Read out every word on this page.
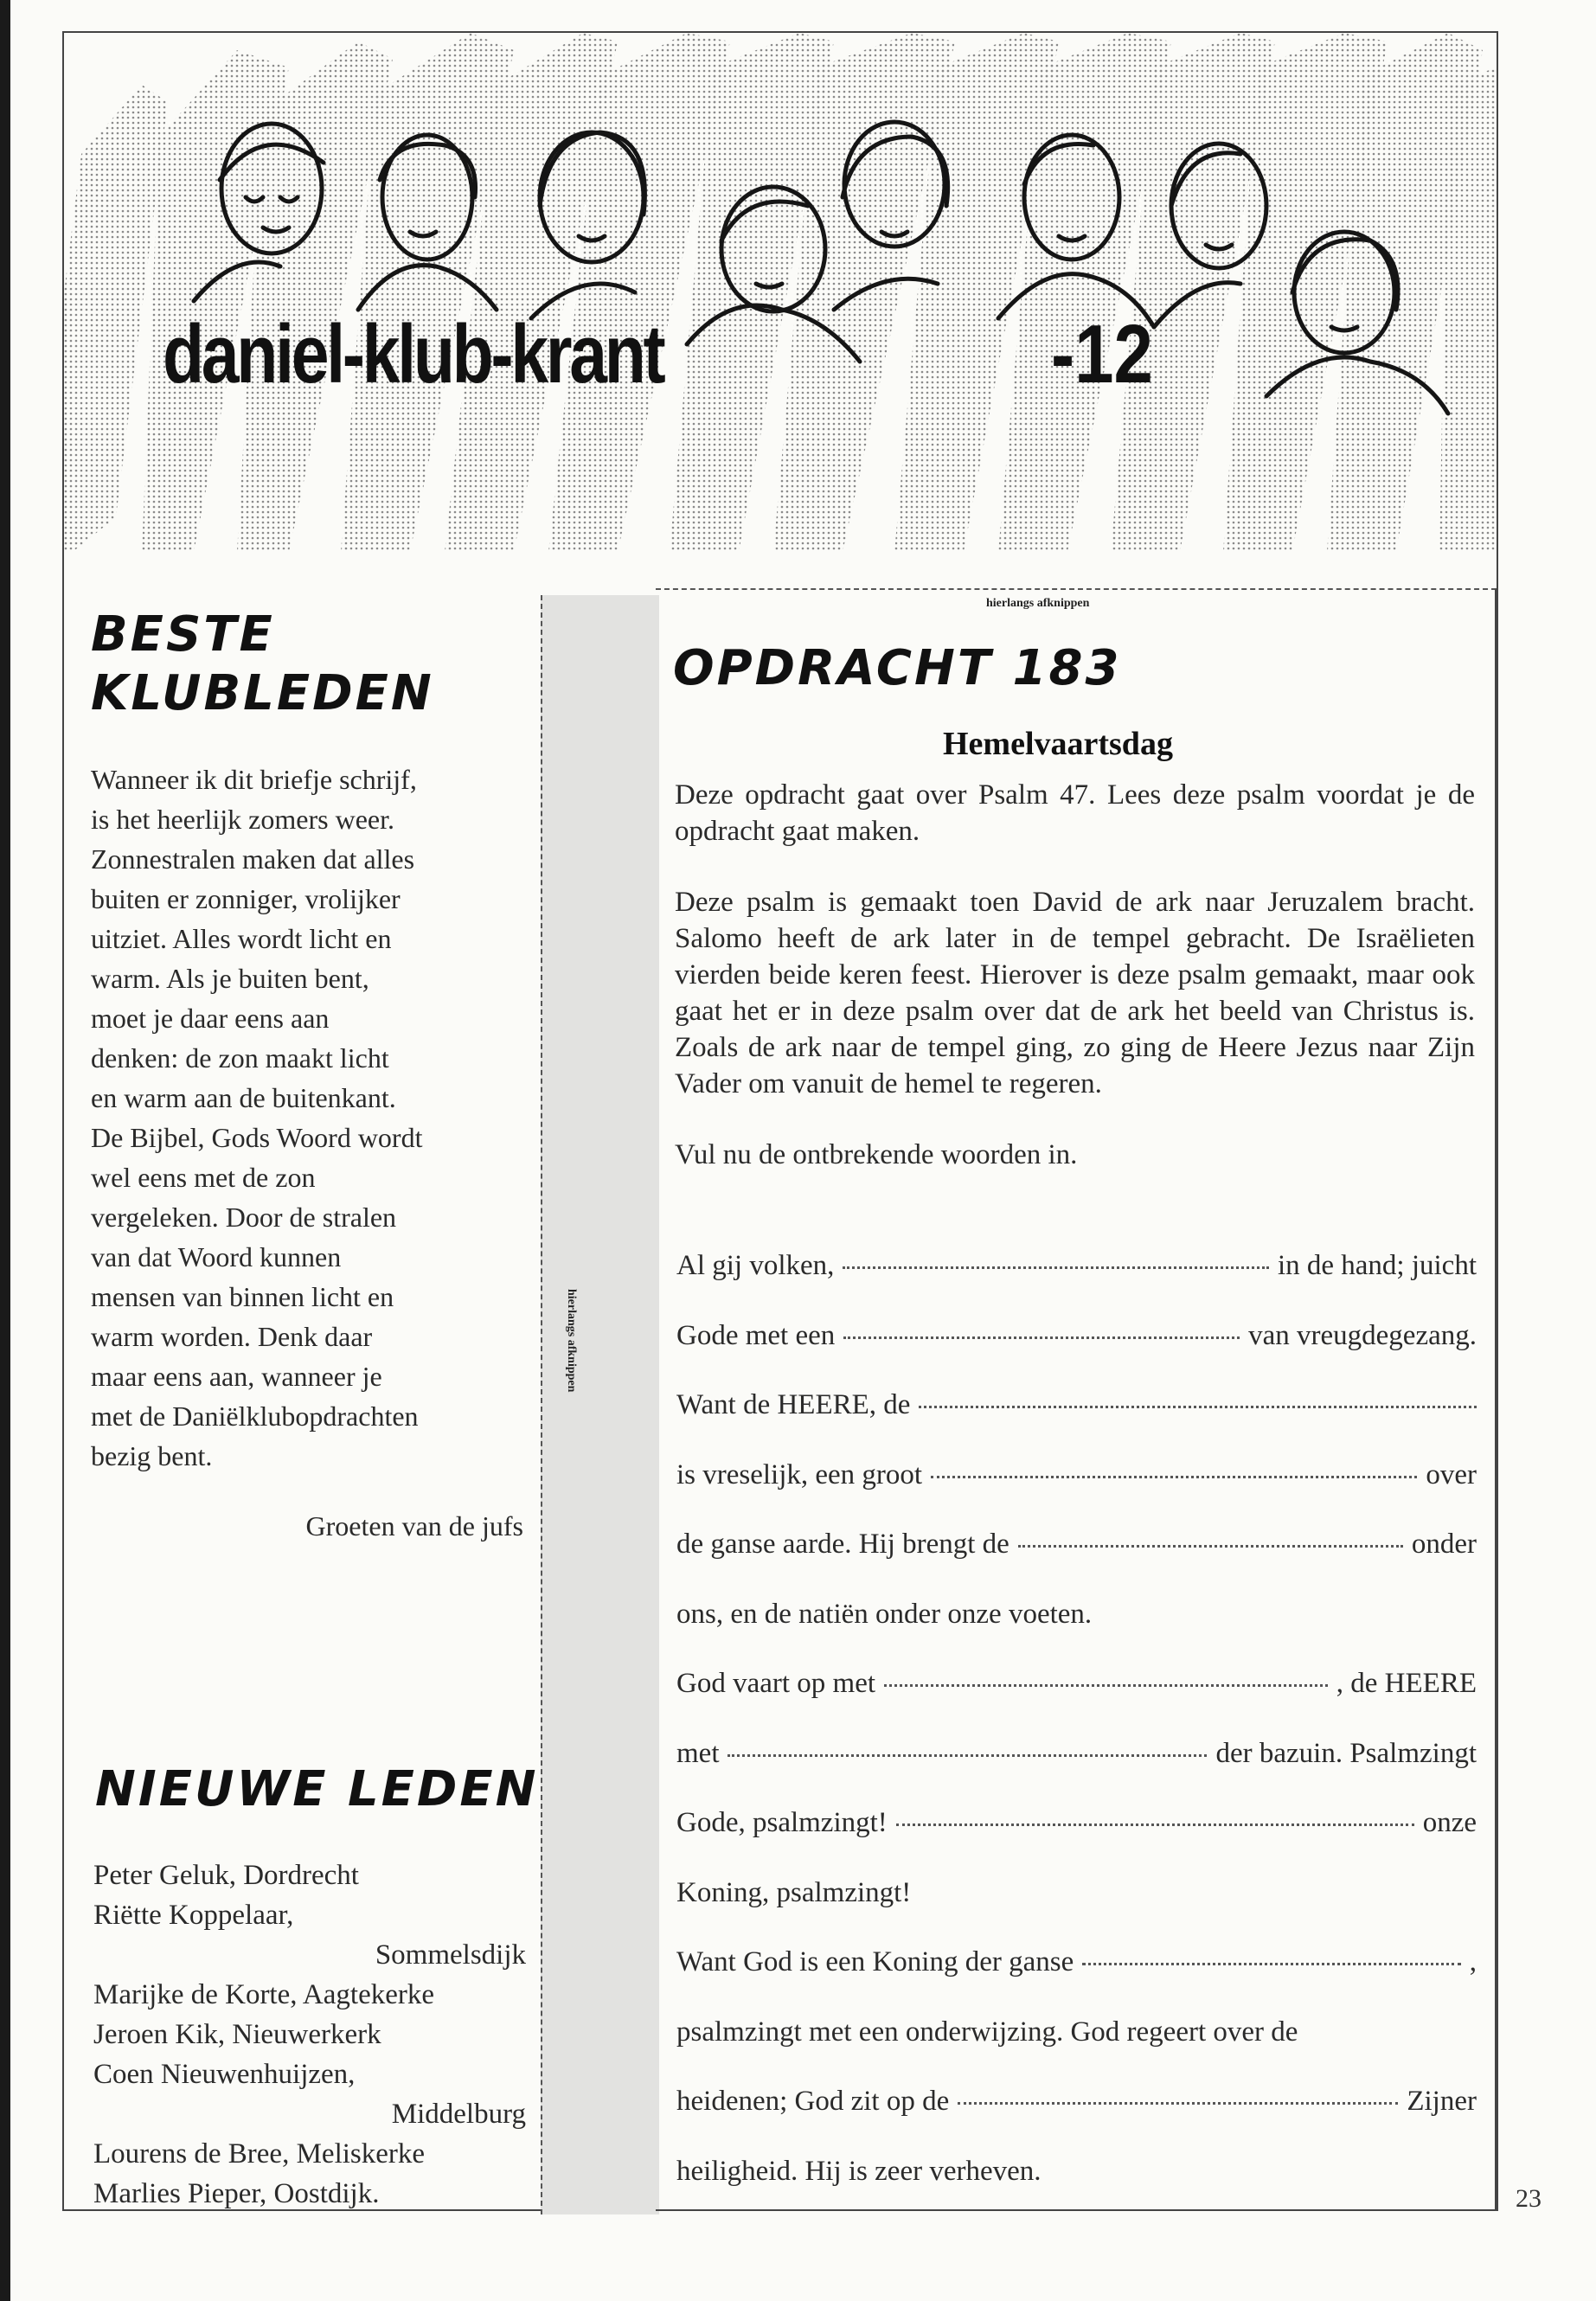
daniel-klub-krant	-12
BESTE
KLUBLEDEN
Wanneer ik dit briefje schrijf,
is het heerlijk zomers weer.
Zonnestralen maken dat alles
buiten er zonniger, vrolijker
uitziet. Alles wordt licht en
warm. Als je buiten bent,
moet je daar eens aan
denken: de zon maakt licht
en warm aan de buitenkant.
De Bijbel, Gods Woord wordt
wel eens met de zon
vergeleken. Door de stralen
van dat Woord kunnen
mensen van binnen licht en
warm worden. Denk daar
maar eens aan, wanneer je
met de Daniëlklubopdrachten
bezig bent.
Groeten van de jufs
NIEUWE LEDEN
Peter Geluk, Dordrecht
Riëtte Koppelaar,
Sommelsdijk
Marijke de Korte, Aagtekerke
Jeroen Kik, Nieuwerkerk
Coen Nieuwenhuijzen,
Middelburg
Lourens de Bree, Meliskerke
Marlies Pieper, Oostdijk.
hierlangs afknippen
hierlangs afknippen
OPDRACHT 183
Hemelvaartsdag

Deze opdracht gaat over Psalm 47. Lees deze psalm voordat je de opdracht gaat maken.

Deze psalm is gemaakt toen David de ark naar Jeruzalem bracht. Salomo heeft de ark later in de tempel gebracht. De Israëlieten vierden beide keren feest. Hierover is deze psalm gemaakt, maar ook gaat het er in deze psalm over dat de ark het beeld van Christus is. Zoals de ark naar de tempel ging, zo ging de Heere Jezus naar Zijn Vader om vanuit de hemel te regeren.

Vul nu de ontbrekende woorden in.

Al gij volken,	in de hand; juicht
Gode met een	van vreugdegezang.
Want de HEERE, de
is vreselijk, een groot	over
de ganse aarde. Hij brengt de	onder
ons, en de natiën onder onze voeten.
God vaart op met	, de HEERE
met	der bazuin. Psalmzingt
Gode, psalmzingt!	onze
Koning, psalmzingt!
Want God is een Koning der ganse	,
psalmzingt met een onderwijzing. God regeert over de
heidenen; God zit op de	Zijner
heiligheid. Hij is zeer verheven.
23
